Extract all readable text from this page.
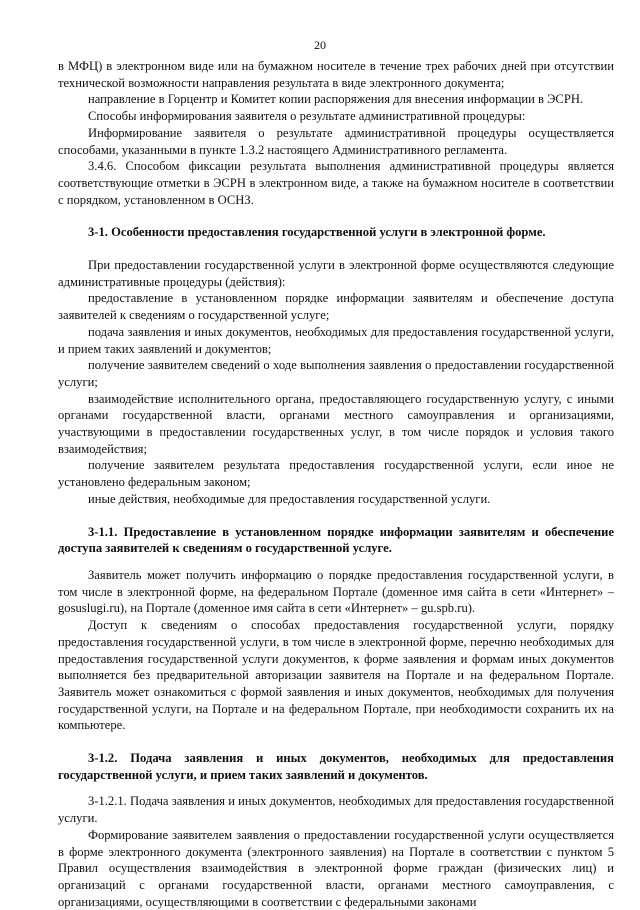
20

в МФЦ) в электронном виде или на бумажном носителе в течение трех рабочих дней при отсутствии технической возможности направления результата в виде электронного документа;

направление в Горцентр и Комитет копии распоряжения для внесения информации в ЭСРН.

Способы информирования заявителя о результате административной процедуры:

Информирование заявителя о результате административной процедуры осуществляется способами, указанными в пункте 1.3.2 настоящего Административного регламента.

3.4.6. Способом фиксации результата выполнения административной процедуры является соответствующие отметки в ЭСРН в электронном виде, а также на бумажном носителе в соответствии с порядком, установленном в ОСНЗ.

3-1. Особенности предоставления государственной услуги в электронной форме.

При предоставлении государственной услуги в электронной форме осуществляются следующие административные процедуры (действия):

предоставление в установленном порядке информации заявителям и обеспечение доступа заявителей к сведениям о государственной услуге;

подача заявления и иных документов, необходимых для предоставления государственной услуги, и прием таких заявлений и документов;

получение заявителем сведений о ходе выполнения заявления о предоставлении государственной услуги;

взаимодействие исполнительного органа, предоставляющего государственную услугу, с иными органами государственной власти, органами местного самоуправления и организациями, участвующими в предоставлении государственных услуг, в том числе порядок и условия такого взаимодействия;

получение заявителем результата предоставления государственной услуги, если иное не установлено федеральным законом;

иные действия, необходимые для предоставления государственной услуги.

3-1.1. Предоставление в установленном порядке информации заявителям и обеспечение доступа заявителей к сведениям о государственной услуге.

Заявитель может получить информацию о порядке предоставления государственной услуги, в том числе в электронной форме, на федеральном Портале (доменное имя сайта в сети «Интернет» – gosuslugi.ru), на Портале (доменное имя сайта в сети «Интернет» – gu.spb.ru).

Доступ к сведениям о способах предоставления государственной услуги, порядку предоставления государственной услуги, в том числе в электронной форме, перечню необходимых для предоставления государственной услуги документов, к форме заявления и формам иных документов выполняется без предварительной авторизации заявителя на Портале и на федеральном Портале. Заявитель может ознакомиться с формой заявления и иных документов, необходимых для получения государственной услуги, на Портале и на федеральном Портале, при необходимости сохранить их на компьютере.

3-1.2. Подача заявления и иных документов, необходимых для предоставления государственной услуги, и прием таких заявлений и документов.

3-1.2.1. Подача заявления и иных документов, необходимых для предоставления государственной услуги.

Формирование заявителем заявления о предоставлении государственной услуги осуществляется в форме электронного документа (электронного заявления) на Портале в соответствии с пунктом 5 Правил осуществления взаимодействия в электронной форме граждан (физических лиц) и организаций с органами государственной власти, органами местного самоуправления, с организациями, осуществляющими в соответствии с федеральными законами
